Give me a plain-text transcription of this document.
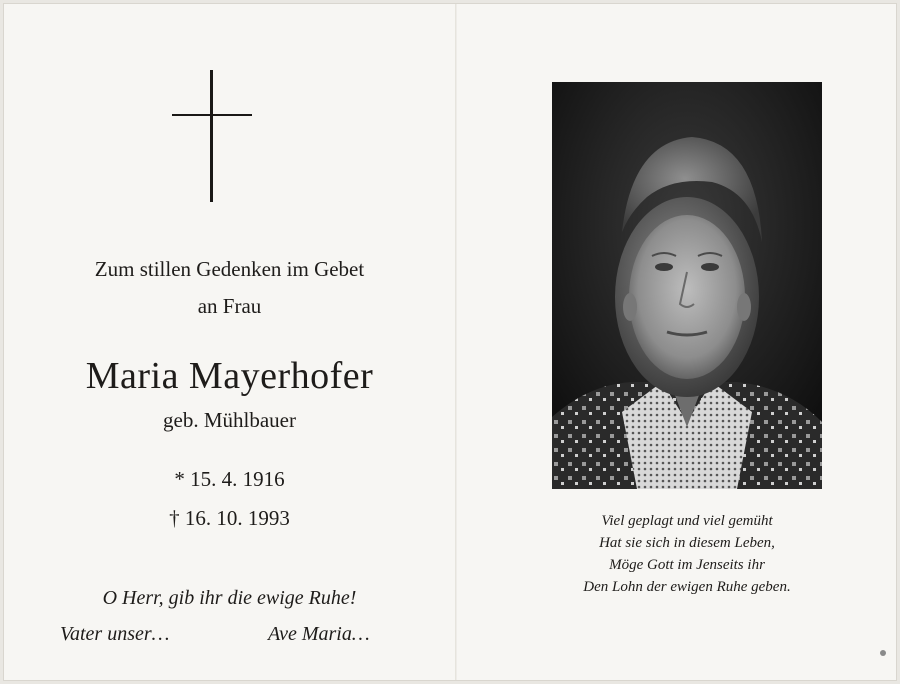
Zum stillen Gedenken im Gebet
an Frau
Maria Mayerhofer
geb. Mühlbauer
* 15. 4. 1916
† 16. 10. 1993
O Herr, gib ihr die ewige Ruhe!
Vater unser…	Ave Maria…
Viel geplagt und viel gemüht
Hat sie sich in diesem Leben,
Möge Gott im Jenseits ihr
Den Lohn der ewigen Ruhe geben.
